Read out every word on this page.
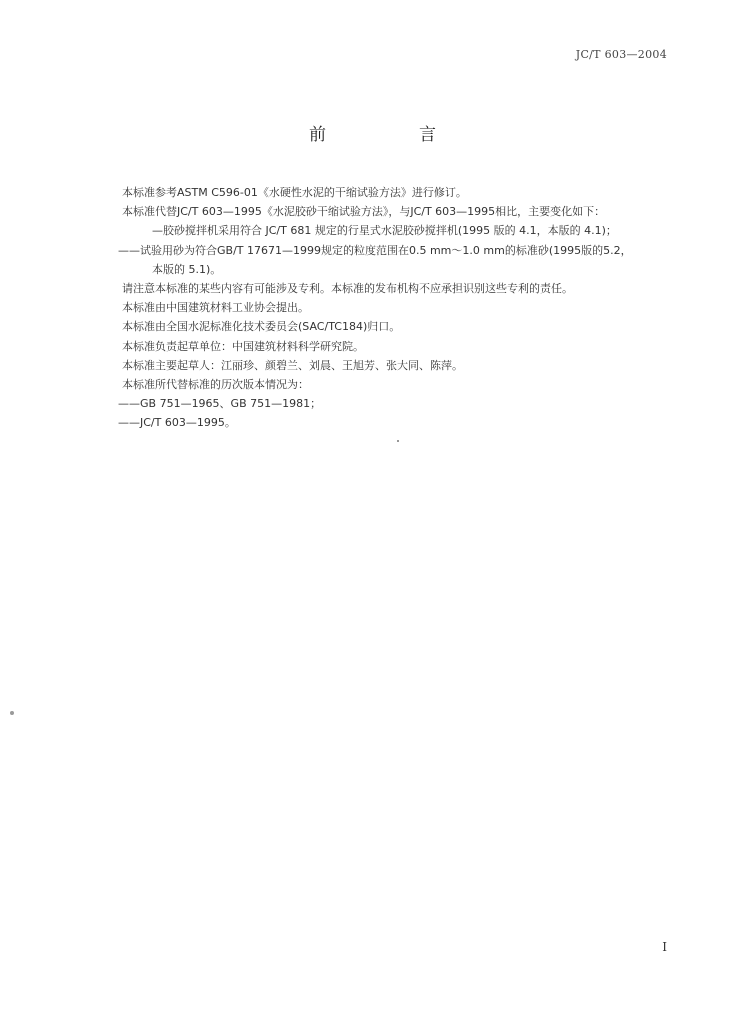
JC/T 603—2004
前　言
本标准参考ASTM C596-01《水硬性水泥的干缩试验方法》进行修订。
本标准代替JC/T 603—1995《水泥胶砂干缩试验方法》，与JC/T 603—1995相比，主要变化如下：
—胶砂搅拌机采用符合 JC/T 681 规定的行星式水泥胶砂搅拌机(1995 版的 4.1，本版的 4.1)；
——试验用砂为符合GB/T 17671—1999规定的粒度范围在0.5 mm～1.0 mm的标准砂(1995版的5.2，
本版的 5.1)。
请注意本标准的某些内容有可能涉及专利。本标准的发布机构不应承担识别这些专利的责任。
本标准由中国建筑材料工业协会提出。
本标准由全国水泥标准化技术委员会(SAC/TC184)归口。
本标准负责起草单位：中国建筑材料科学研究院。
本标准主要起草人：江丽珍、颜碧兰、刘晨、王旭芳、张大同、陈萍。
本标准所代替标准的历次版本情况为：
——GB 751—1965、GB 751—1981；
——JC/T 603—1995。
I
